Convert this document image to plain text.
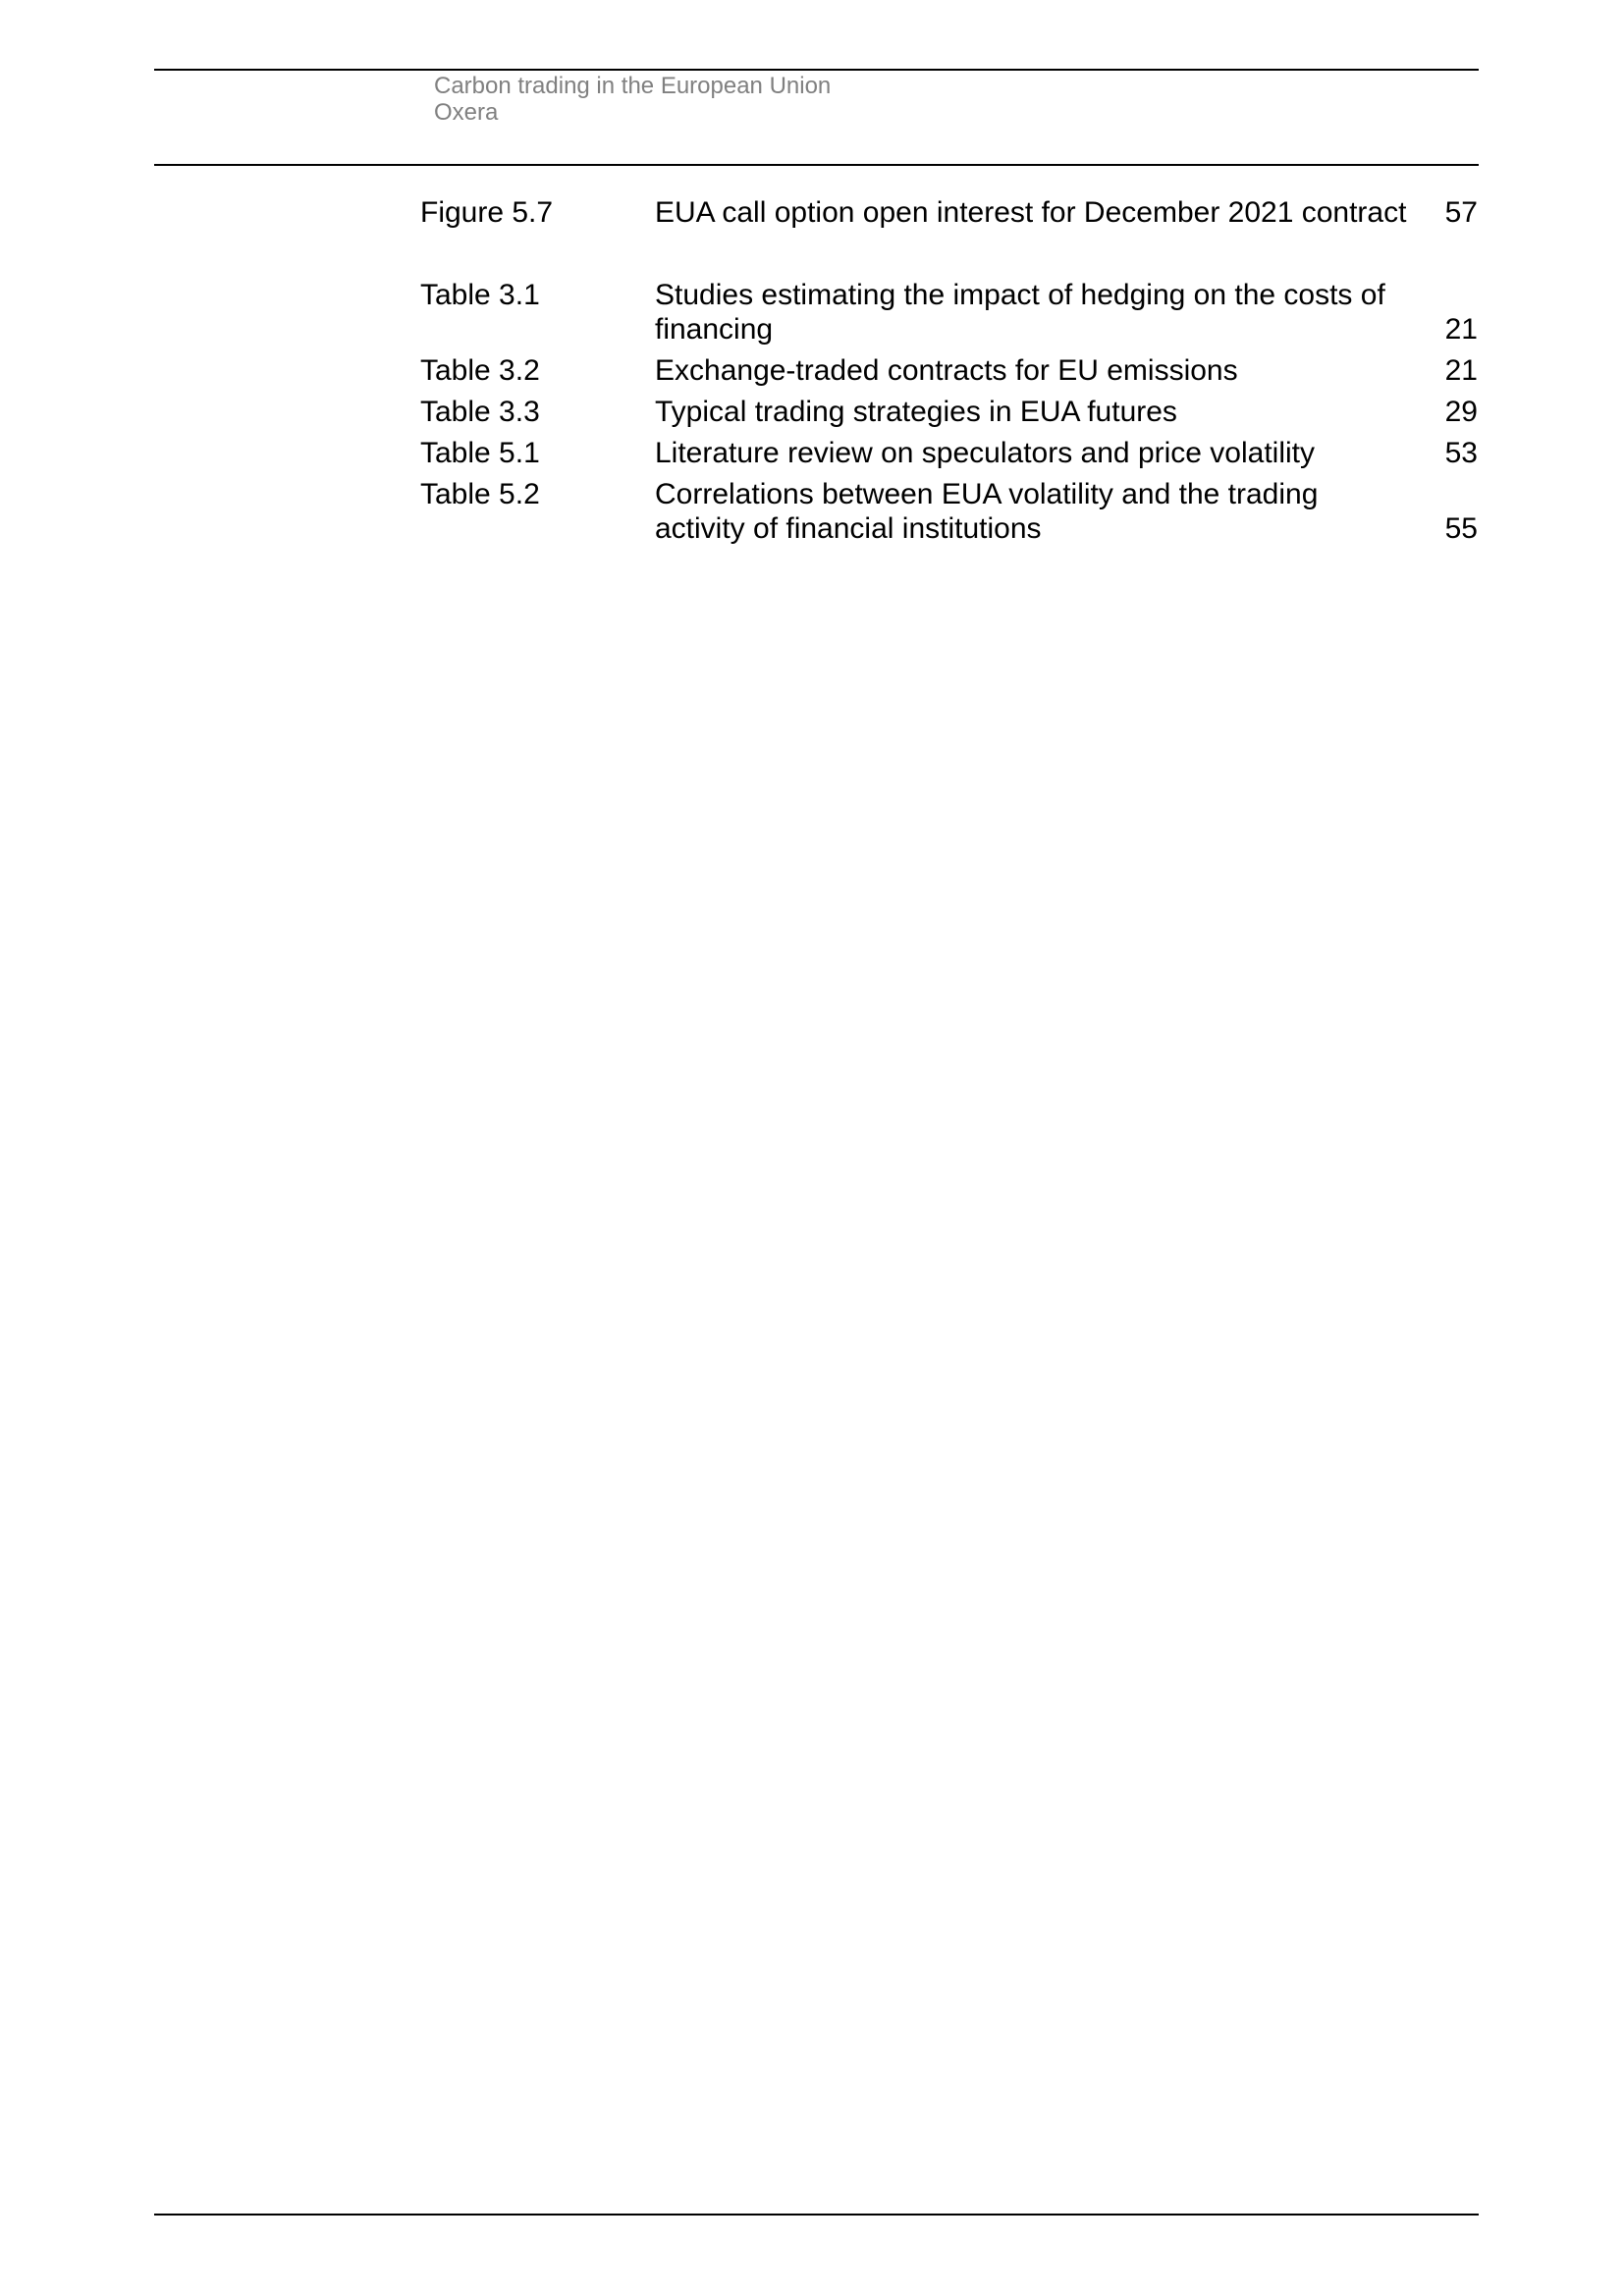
Carbon trading in the European Union
Oxera
Figure 5.7	EUA call option open interest for December 2021 contract	57
Table 3.1	Studies estimating the impact of hedging on the costs of financing	21
Table 3.2	Exchange-traded contracts for EU emissions	21
Table 3.3	Typical trading strategies in EUA futures	29
Table 5.1	Literature review on speculators and price volatility	53
Table 5.2	Correlations between EUA volatility and the trading activity of financial institutions	55
